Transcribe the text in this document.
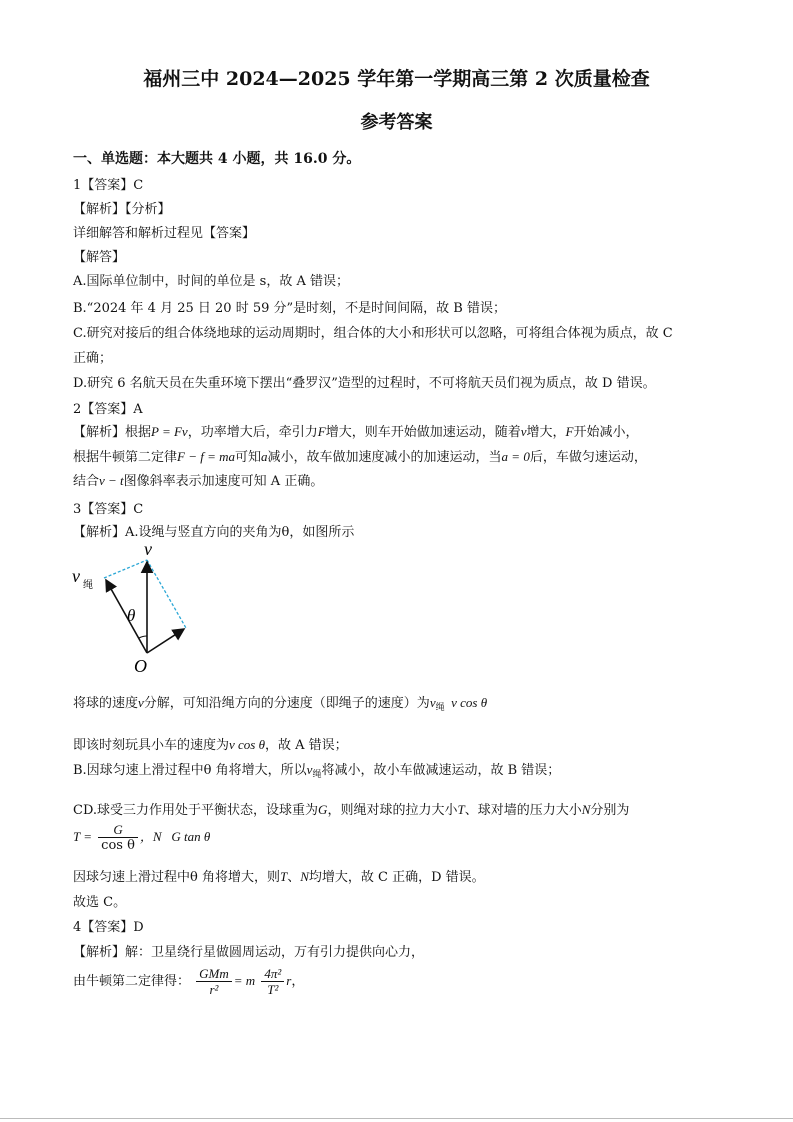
福州三中 2024—2025 学年第一学期高三第 2 次质量检查
参考答案
一、单选题：本大题共 4 小题，共 16.0 分。
1【答案】C
【解析】【分析】
详细解答和解析过程见【答案】
【解答】
A.国际单位制中，时间的单位是 s，故 A 错误；
B.“2024 年 4 月 25 日 20 时 59 分”是时刻，不是时间间隔，故 B 错误；
C.研究对接后的组合体绕地球的运动周期时，组合体的大小和形状可以忽略，可将组合体视为质点，故 C
正确；
D.研究 6 名航天员在失重环境下摆出“叠罗汉”造型的过程时，不可将航天员们视为质点，故 D 错误。
2【答案】A
【解析】根据P = Fv，功率增大后，牵引力F增大，则车开始做加速运动，随着v增大，F开始减小，
根据牛顿第二定律F − f = ma可知a减小，故车做加速度减小的加速运动，当a = 0后，车做匀速运动，
结合v − t图像斜率表示加速度可知 A 正确。
3【答案】C
【解析】A.设绳与竖直方向的夹角为θ，如图所示
v
v 绳
θ
O
将球的速度v分解，可知沿绳方向的分速度（即绳子的速度）为$v_绳$  v cos θ
即该时刻玩具小车的速度为v cos θ，故 A 错误；
B.因球匀速上滑过程中θ 角将增大，所以$v_绳$将减小，故小车做减速运动，故 B 错误；
CD.球受三力作用处于平衡状态，设球重为G，则绳对球的拉力大小T、球对墙的压力大小N分别为
$T = \frac{G}{\text{cos θ}}$ ，N   G tan θ
因球匀速上滑过程中θ 角将增大，则T、N均增大，故 C 正确，D 错误。
故选 C。
4【答案】D
【解析】解：卫星绕行星做圆周运动，万有引力提供向心力，
由牛顿第二定律得： $\frac{\text{GMm}}{\text{r²}} = m \frac{\text{4π²}}{\text{T²}}$ r，
